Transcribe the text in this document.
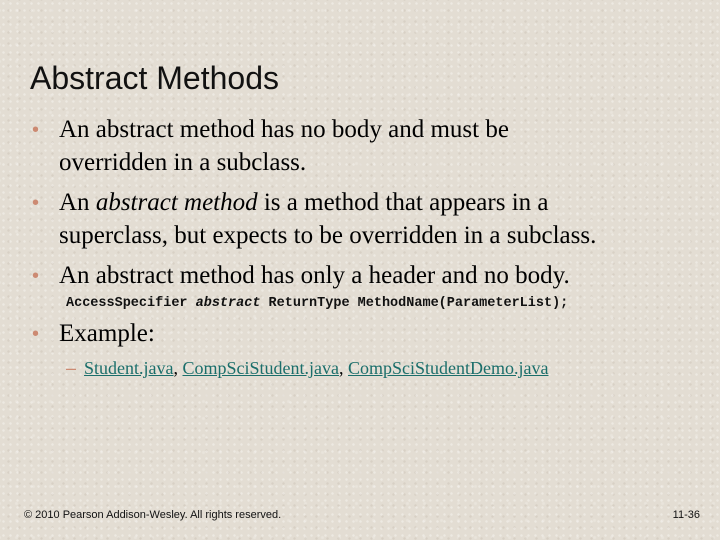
Abstract Methods
• An abstract method has no body and must be
overridden in a subclass.
• An abstract method is a method that appears in a
superclass, but expects to be overridden in a subclass.
• An abstract method has only a header and no body.
AccessSpecifier abstract ReturnType MethodName(ParameterList);
• Example:
– Student.java, CompSciStudent.java, CompSciStudentDemo.java
© 2010 Pearson Addison-Wesley. All rights reserved.	11-36
